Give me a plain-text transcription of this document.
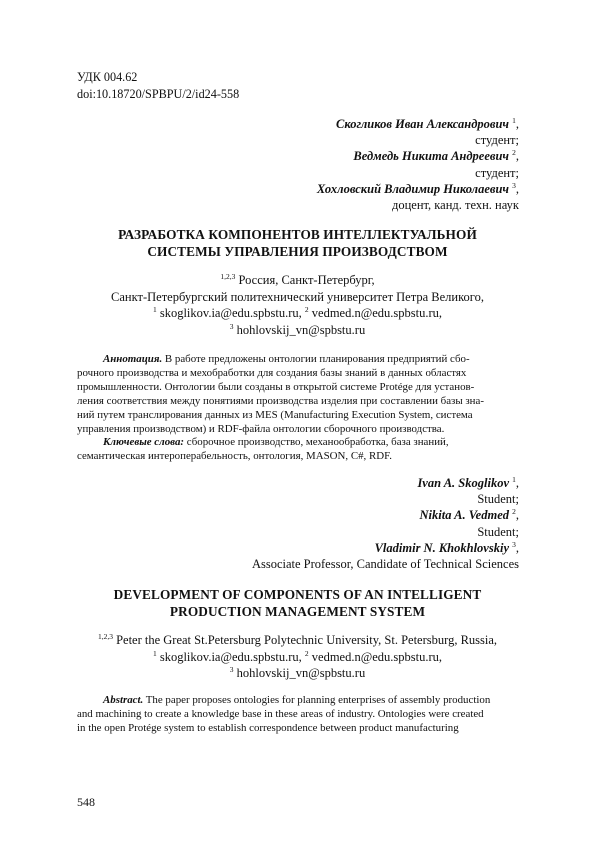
УДК 004.62
doi:10.18720/SPBPU/2/id24-558
Скогликов Иван Александрович $^1$,
студент;
Ведмедь Никита Андреевич $^2$,
студент;
Хохловский Владимир Николаевич $^3$,
доцент, канд. техн. наук
РАЗРАБОТКА КОМПОНЕНТОВ ИНТЕЛЛЕКТУАЛЬНОЙ
СИСТЕМЫ УПРАВЛЕНИЯ ПРОИЗВОДСТВОМ
$^{1,2,3}$ Россия, Санкт-Петербург,
Санкт-Петербургский политехнический университет Петра Великого,
$^1$ skoglikov.ia@edu.spbstu.ru, $^2$ vedmed.n@edu.spbstu.ru,
$^3$ hohlovskij_vn@spbstu.ru
Аннотация. В работе предложены онтологии планирования предприятий сбо-
рочного производства и мехобработки для создания базы знаний в данных областях
промышленности. Онтологии были созданы в открытой системе Protége для установ-
ления соответствия между понятиями производства изделия при составлении базы зна-
ний путем транслирования данных из MES (Manufacturing Execution System, система
управления производством) и RDF-файла онтологии сборочного производства.
Ключевые слова: сборочное производство, механообработка, база знаний,
семантическая интероперабельность, онтология, MASON, C#, RDF.
Ivan A. Skoglikov $^1$,
Student;
Nikita A. Vedmed $^2$,
Student;
Vladimir N. Khokhlovskiy $^3$,
Associate Professor, Candidate of Technical Sciences
DEVELOPMENT OF COMPONENTS OF AN INTELLIGENT
PRODUCTION MANAGEMENT SYSTEM
$^{1,2,3}$ Peter the Great St.Petersburg Polytechnic University, St. Petersburg, Russia,
$^1$ skoglikov.ia@edu.spbstu.ru, $^2$ vedmed.n@edu.spbstu.ru,
$^3$ hohlovskij_vn@spbstu.ru
Abstract. The paper proposes ontologies for planning enterprises of assembly production
and machining to create a knowledge base in these areas of industry. Ontologies were created
in the open Protége system to establish correspondence between product manufacturing
548
